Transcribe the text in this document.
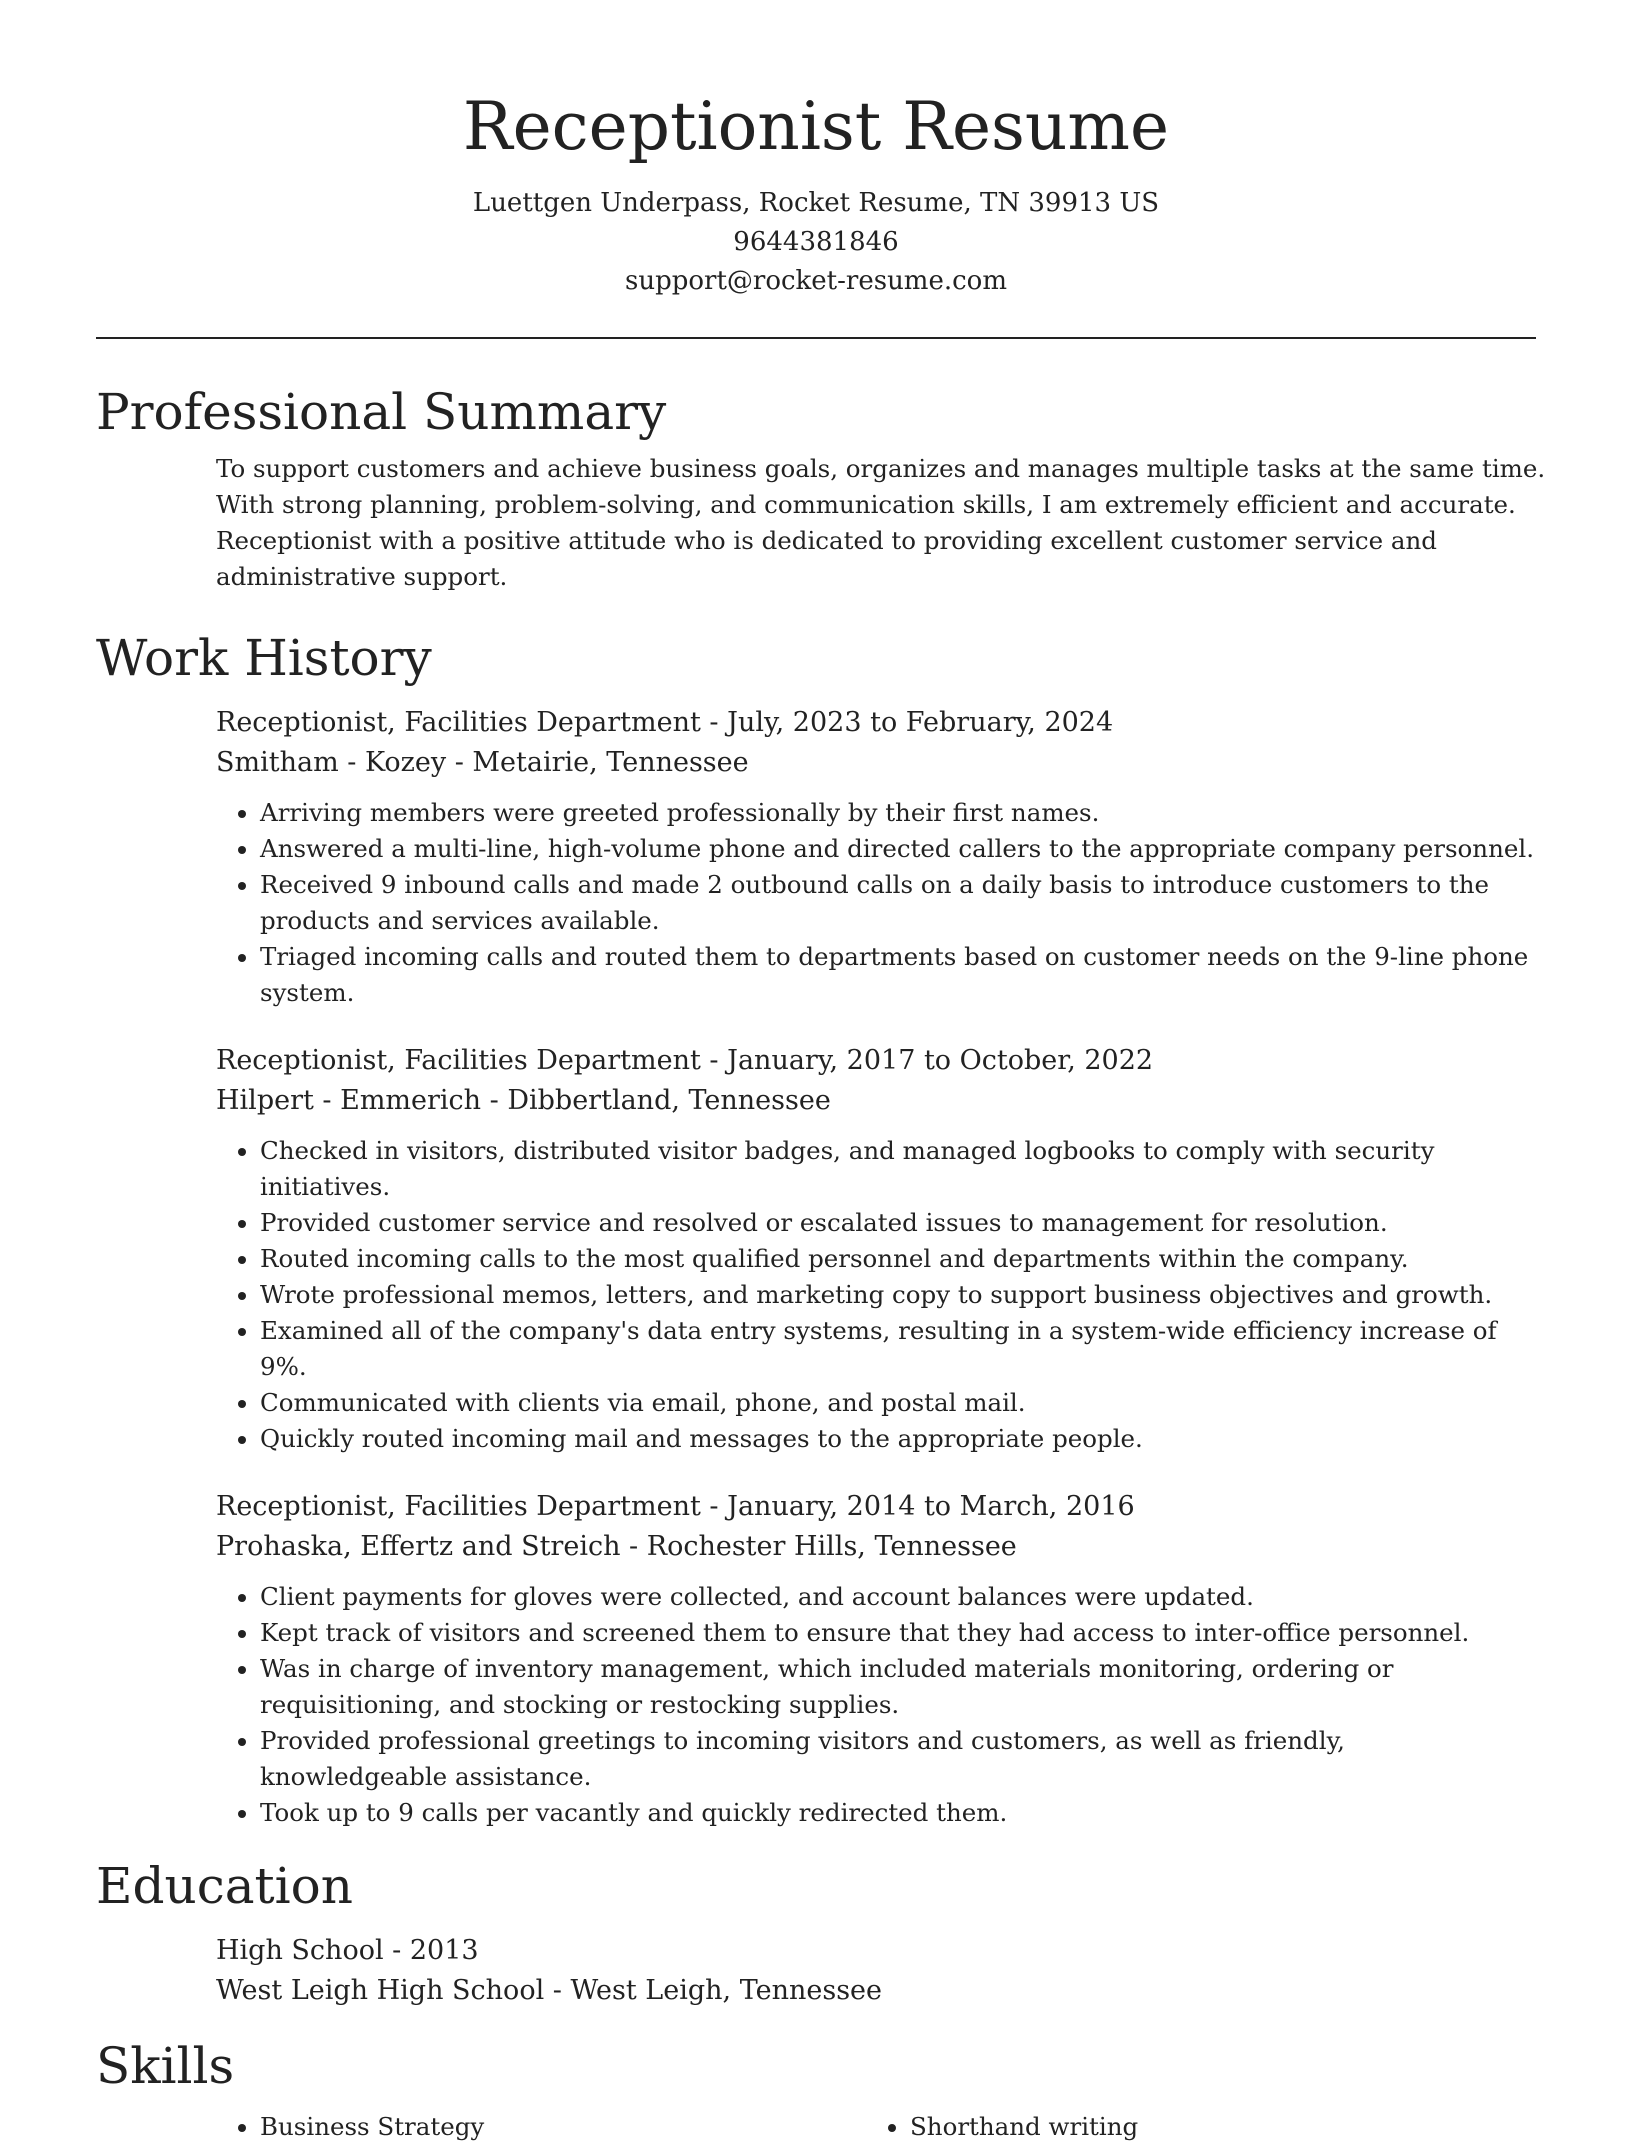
Receptionist Resume

Luettgen Underpass, Rocket Resume, TN 39913 US

9644381846

support@rocket-resume.com

Professional Summary

To support customers and achieve business goals, organizes and manages multiple tasks at the same time. With strong planning, problem-solving, and communication skills, I am extremely efficient and accurate. Receptionist with a positive attitude who is dedicated to providing excellent customer service and administrative support.

Work History

Receptionist, Facilities Department - July, 2023 to February, 2024

Smitham - Kozey - Metairie, Tennessee

• Arriving members were greeted professionally by their first names.
• Answered a multi-line, high-volume phone and directed callers to the appropriate company personnel.
• Received 9 inbound calls and made 2 outbound calls on a daily basis to introduce customers to the products and services available.
• Triaged incoming calls and routed them to departments based on customer needs on the 9-line phone system.

Receptionist, Facilities Department - January, 2017 to October, 2022

Hilpert - Emmerich - Dibbertland, Tennessee

• Checked in visitors, distributed visitor badges, and managed logbooks to comply with security initiatives.
• Provided customer service and resolved or escalated issues to management for resolution.
• Routed incoming calls to the most qualified personnel and departments within the company.
• Wrote professional memos, letters, and marketing copy to support business objectives and growth.
• Examined all of the company's data entry systems, resulting in a system-wide efficiency increase of 9%.
• Communicated with clients via email, phone, and postal mail.
• Quickly routed incoming mail and messages to the appropriate people.

Receptionist, Facilities Department - January, 2014 to March, 2016

Prohaska, Effertz and Streich - Rochester Hills, Tennessee

• Client payments for gloves were collected, and account balances were updated.
• Kept track of visitors and screened them to ensure that they had access to inter-office personnel.
• Was in charge of inventory management, which included materials monitoring, ordering or requisitioning, and stocking or restocking supplies.
• Provided professional greetings to incoming visitors and customers, as well as friendly, knowledgeable assistance.
• Took up to 9 calls per vacantly and quickly redirected them.
Education

High School - 2013

West Leigh High School - West Leigh, Tennessee

Skills
• Business Strategy
•	Shorthand writing
